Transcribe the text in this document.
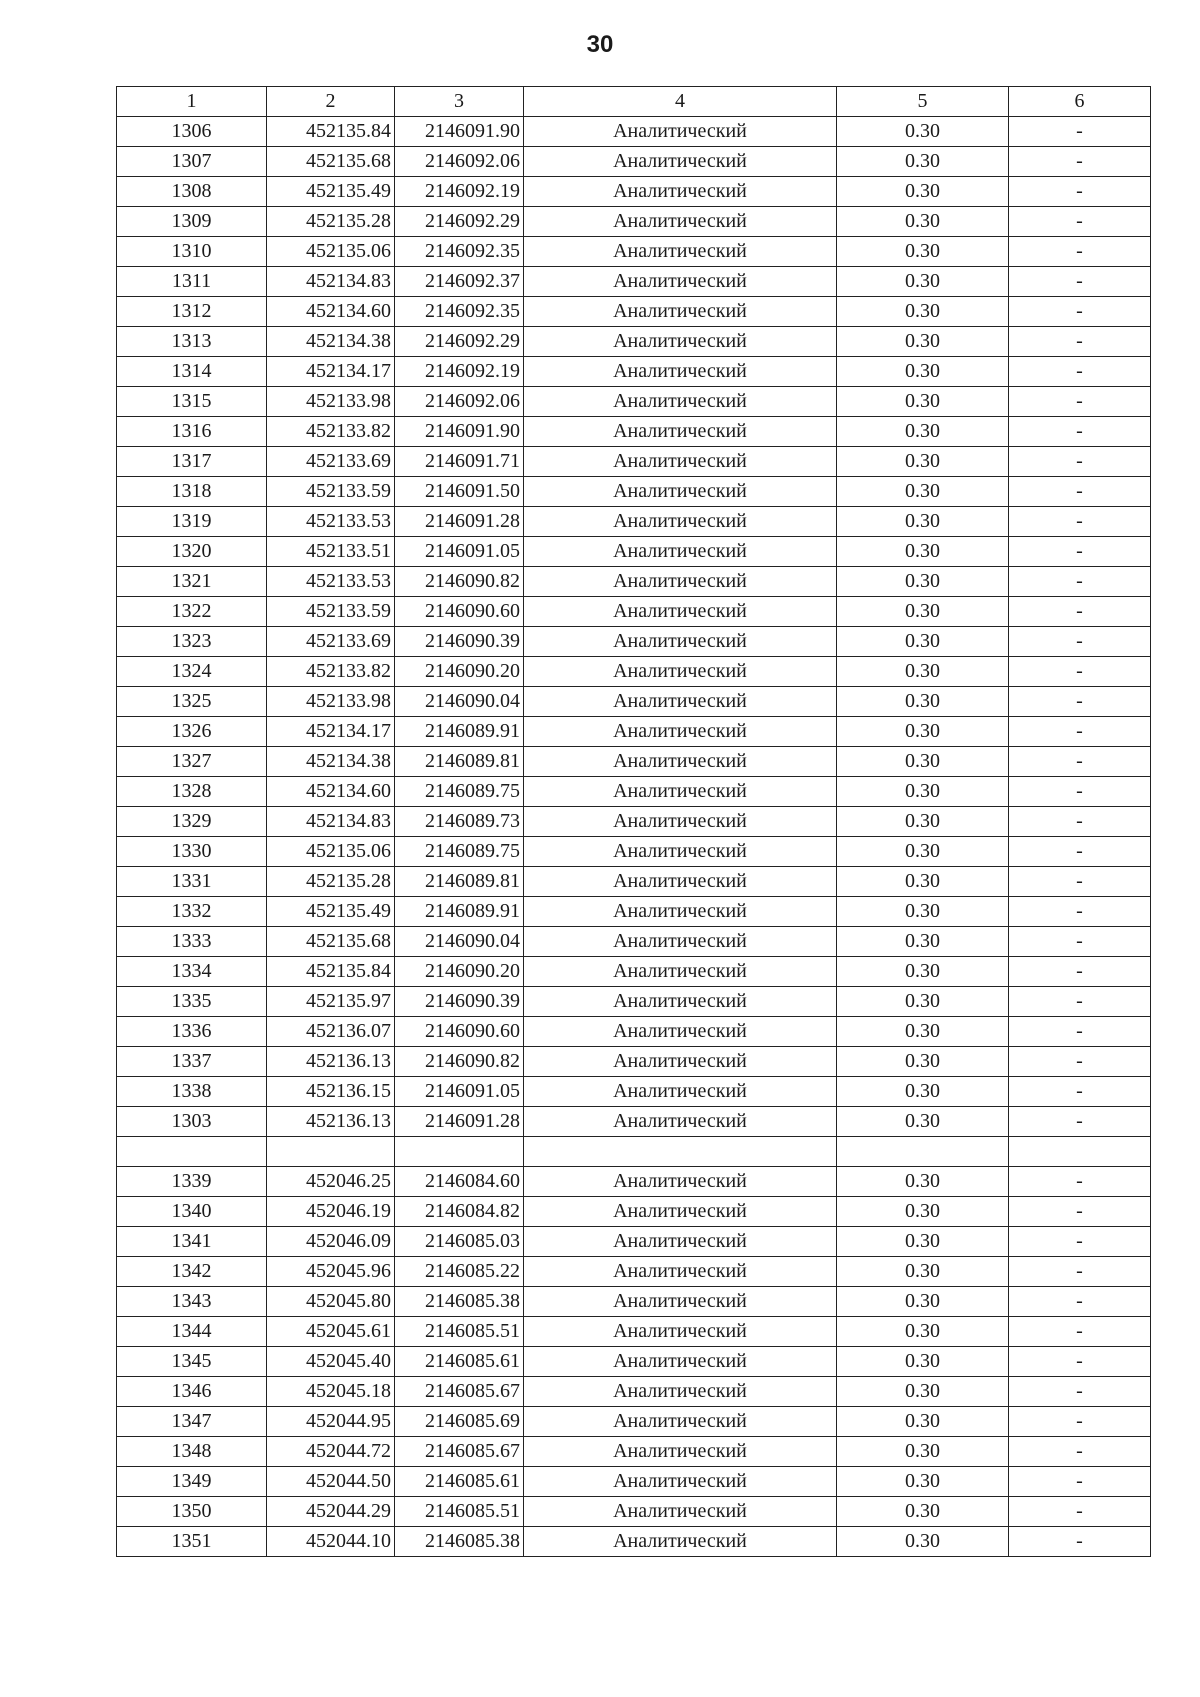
30
1	2	3	4	5	6
1306	452135.84	2146091.90	Аналитический	0.30	-
1307	452135.68	2146092.06	Аналитический	0.30	-
1308	452135.49	2146092.19	Аналитический	0.30	-
1309	452135.28	2146092.29	Аналитический	0.30	-
1310	452135.06	2146092.35	Аналитический	0.30	-
1311	452134.83	2146092.37	Аналитический	0.30	-
1312	452134.60	2146092.35	Аналитический	0.30	-
1313	452134.38	2146092.29	Аналитический	0.30	-
1314	452134.17	2146092.19	Аналитический	0.30	-
1315	452133.98	2146092.06	Аналитический	0.30	-
1316	452133.82	2146091.90	Аналитический	0.30	-
1317	452133.69	2146091.71	Аналитический	0.30	-
1318	452133.59	2146091.50	Аналитический	0.30	-
1319	452133.53	2146091.28	Аналитический	0.30	-
1320	452133.51	2146091.05	Аналитический	0.30	-
1321	452133.53	2146090.82	Аналитический	0.30	-
1322	452133.59	2146090.60	Аналитический	0.30	-
1323	452133.69	2146090.39	Аналитический	0.30	-
1324	452133.82	2146090.20	Аналитический	0.30	-
1325	452133.98	2146090.04	Аналитический	0.30	-
1326	452134.17	2146089.91	Аналитический	0.30	-
1327	452134.38	2146089.81	Аналитический	0.30	-
1328	452134.60	2146089.75	Аналитический	0.30	-
1329	452134.83	2146089.73	Аналитический	0.30	-
1330	452135.06	2146089.75	Аналитический	0.30	-
1331	452135.28	2146089.81	Аналитический	0.30	-
1332	452135.49	2146089.91	Аналитический	0.30	-
1333	452135.68	2146090.04	Аналитический	0.30	-
1334	452135.84	2146090.20	Аналитический	0.30	-
1335	452135.97	2146090.39	Аналитический	0.30	-
1336	452136.07	2146090.60	Аналитический	0.30	-
1337	452136.13	2146090.82	Аналитический	0.30	-
1338	452136.15	2146091.05	Аналитический	0.30	-
1303	452136.13	2146091.28	Аналитический	0.30	-

1339	452046.25	2146084.60	Аналитический	0.30	-
1340	452046.19	2146084.82	Аналитический	0.30	-
1341	452046.09	2146085.03	Аналитический	0.30	-
1342	452045.96	2146085.22	Аналитический	0.30	-
1343	452045.80	2146085.38	Аналитический	0.30	-
1344	452045.61	2146085.51	Аналитический	0.30	-
1345	452045.40	2146085.61	Аналитический	0.30	-
1346	452045.18	2146085.67	Аналитический	0.30	-
1347	452044.95	2146085.69	Аналитический	0.30	-
1348	452044.72	2146085.67	Аналитический	0.30	-
1349	452044.50	2146085.61	Аналитический	0.30	-
1350	452044.29	2146085.51	Аналитический	0.30	-
1351	452044.10	2146085.38	Аналитический	0.30	-
